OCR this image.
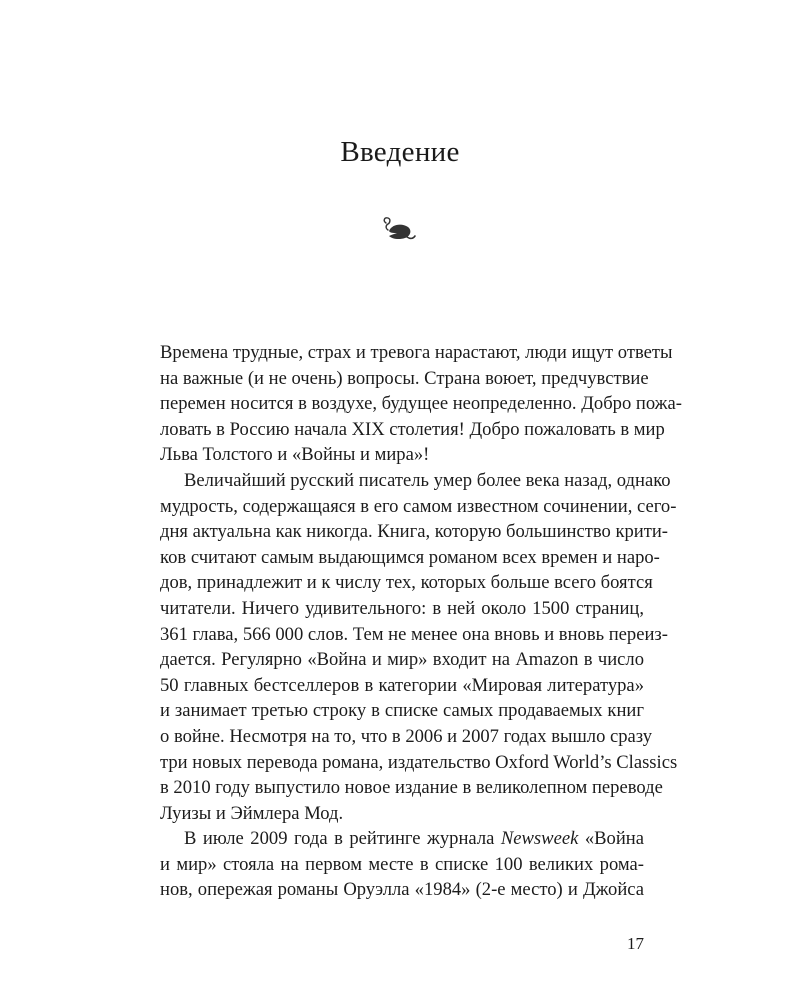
Введение
Времена трудные, страх и тревога нарастают, люди ищут ответы
на важные (и не очень) вопросы. Страна воюет, предчувствие
перемен носится в воздухе, будущее неопределенно. Добро пожа-
ловать в Россию начала XIX столетия! Добро пожаловать в мир
Льва Толстого и «Войны и мира»!
Величайший русский писатель умер более века назад, однако
мудрость, содержащаяся в его самом известном сочинении, сего-
дня актуальна как никогда. Книга, которую большинство крити-
ков считают самым выдающимся романом всех времен и наро-
дов, принадлежит и к числу тех, которых больше всего боятся
читатели. Ничего удивительного: в ней около 1500 страниц,
361 глава, 566 000 слов. Тем не менее она вновь и вновь переиз-
дается. Регулярно «Война и мир» входит на Amazon в число
50 главных бестселлеров в категории «Мировая литература»
и занимает третью строку в списке самых продаваемых книг
о войне. Несмотря на то, что в 2006 и 2007 годах вышло сразу
три новых перевода романа, издательство Oxford World’s Classics
в 2010 году выпустило новое издание в великолепном переводе
Луизы и Эймлера Мод.
В июле 2009 года в рейтинге журнала Newsweek «Война
и мир» стояла на первом месте в списке 100 великих рома-
нов, опережая романы Оруэлла «1984» (2-е место) и Джойса
17
